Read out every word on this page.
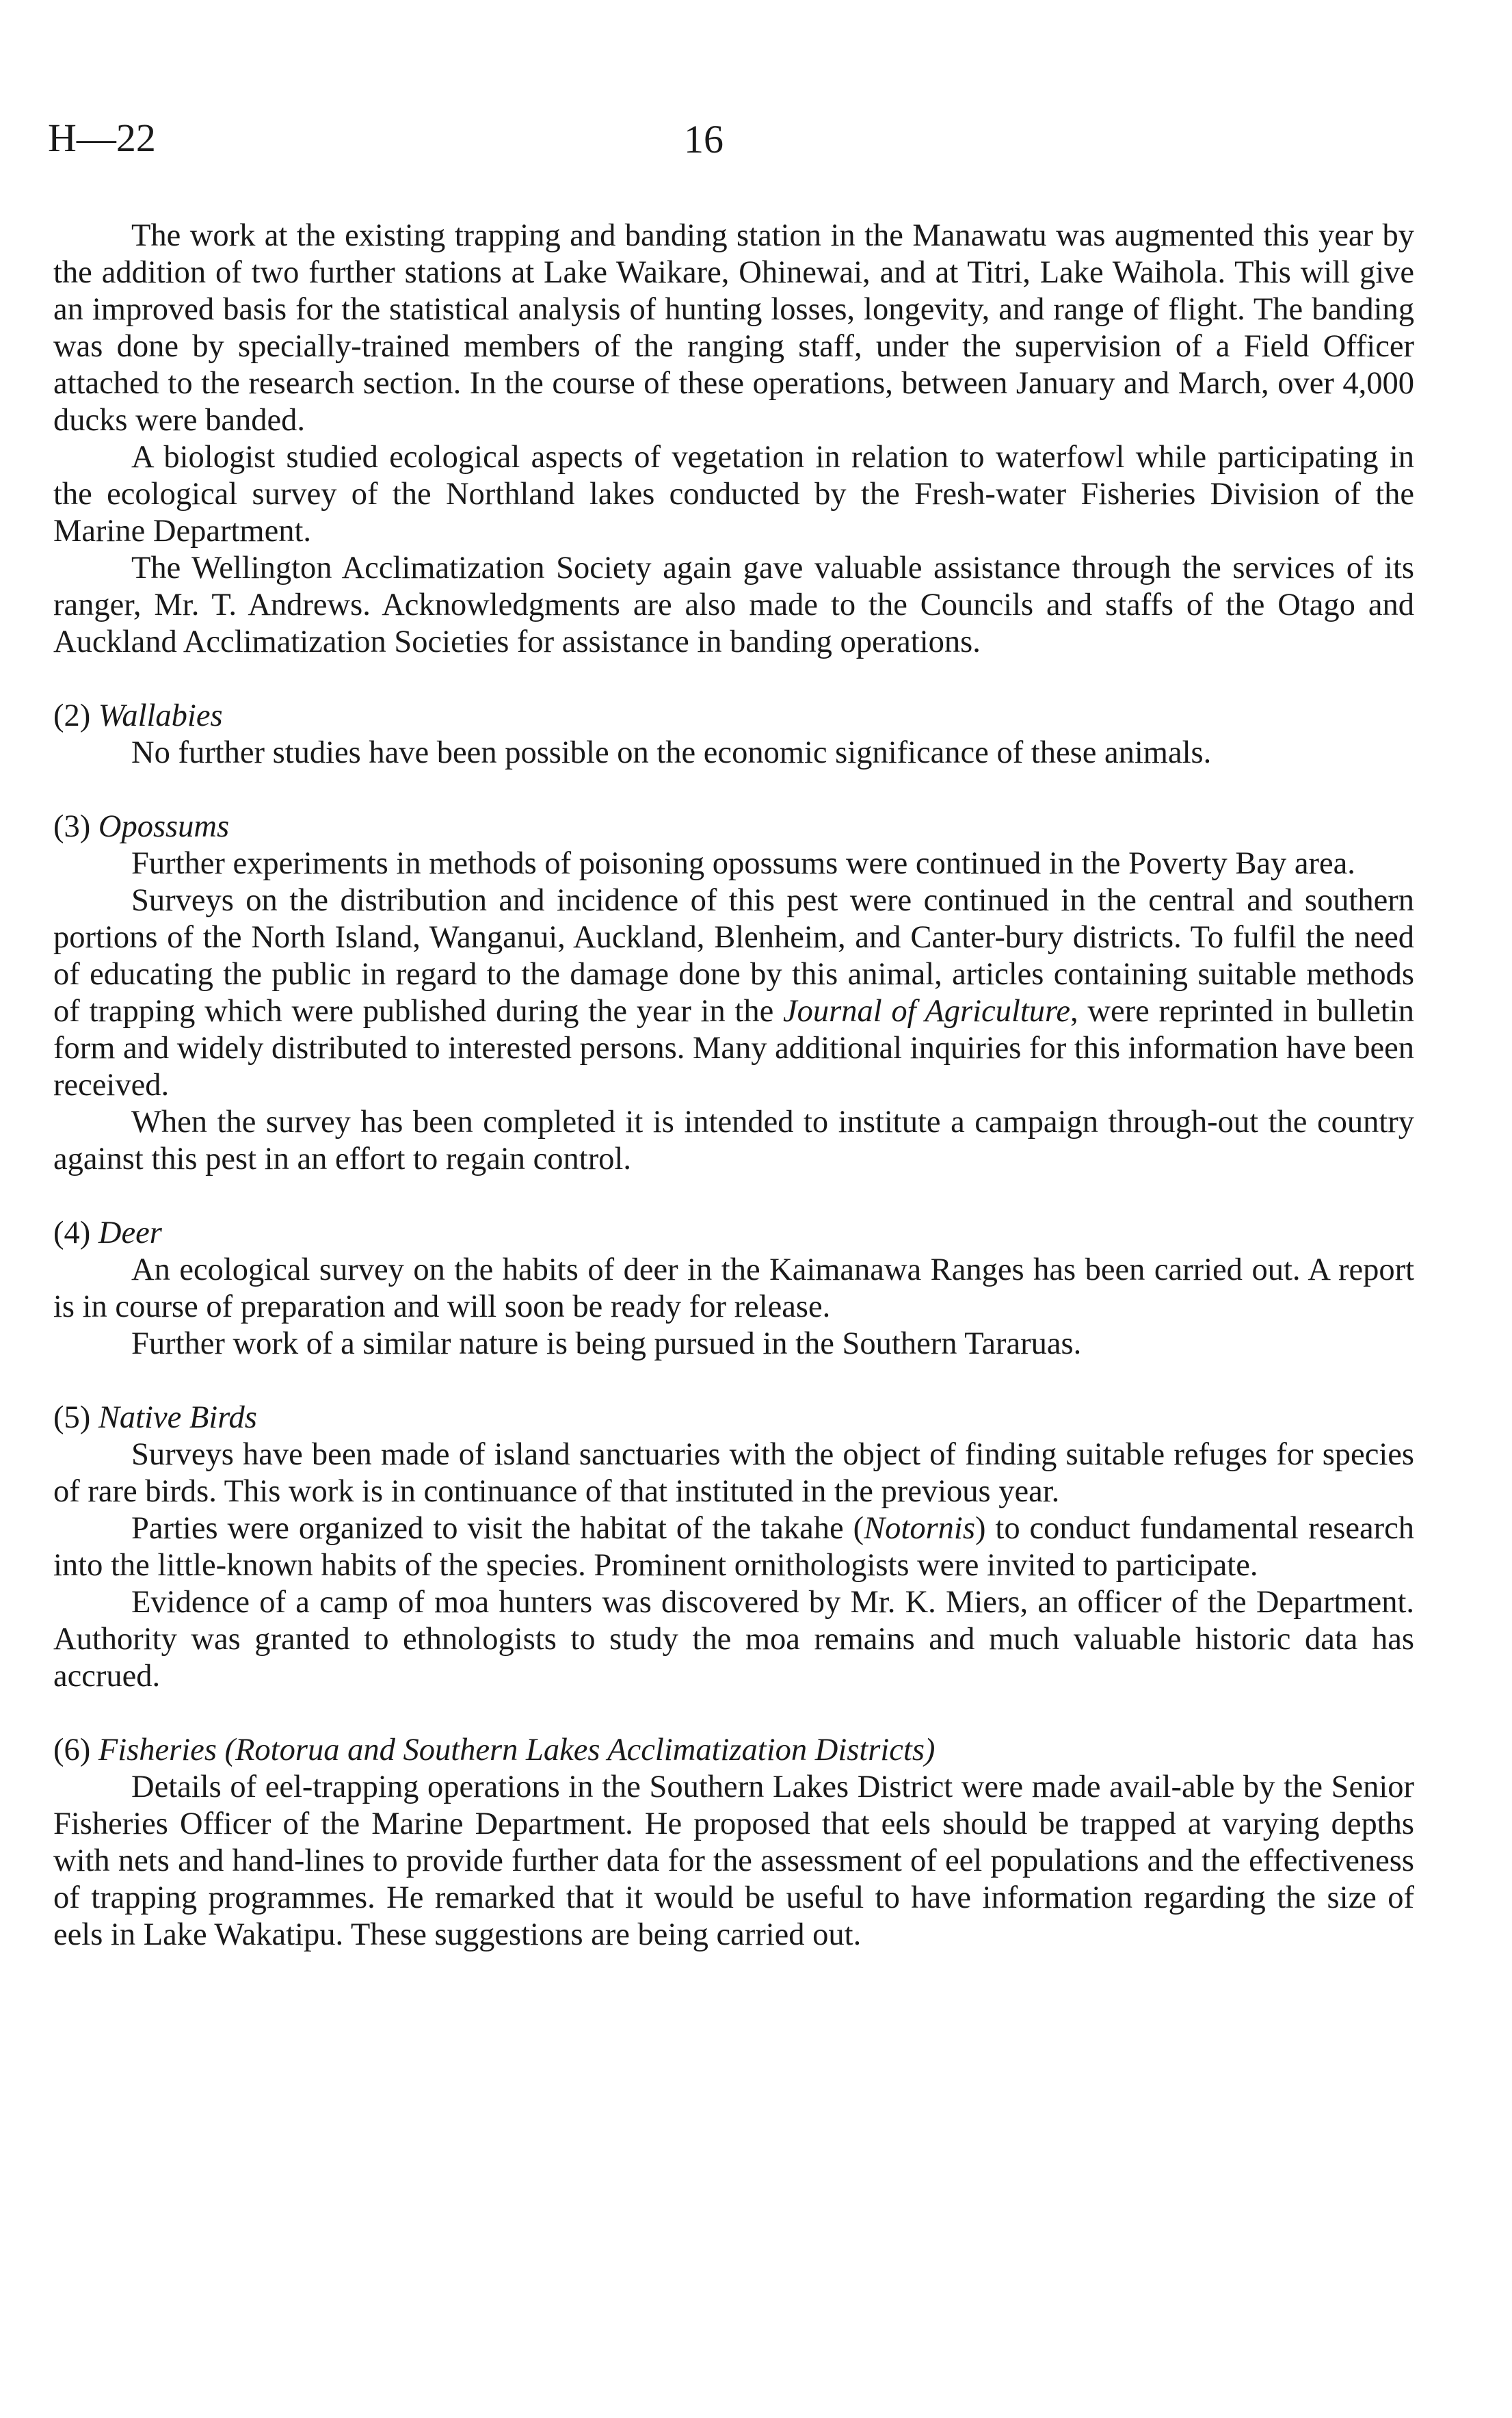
H—22	16

The work at the existing trapping and banding station in the Manawatu was augmented this year by the addition of two further stations at Lake Waikare, Ohinewai, and at Titri, Lake Waihola. This will give an improved basis for the statistical analysis of hunting losses, longevity, and range of flight. The banding was done by specially-trained members of the ranging staff, under the supervision of a Field Officer attached to the research section. In the course of these operations, between January and March, over 4,000 ducks were banded.

A biologist studied ecological aspects of vegetation in relation to waterfowl while participating in the ecological survey of the Northland lakes conducted by the Fresh-water Fisheries Division of the Marine Department.

The Wellington Acclimatization Society again gave valuable assistance through the services of its ranger, Mr. T. Andrews. Acknowledgments are also made to the Councils and staffs of the Otago and Auckland Acclimatization Societies for assistance in banding operations.

(2) Wallabies

No further studies have been possible on the economic significance of these animals.

(3) Opossums

Further experiments in methods of poisoning opossums were continued in the Poverty Bay area.

Surveys on the distribution and incidence of this pest were continued in the central and southern portions of the North Island, Wanganui, Auckland, Blenheim, and Canter-bury districts. To fulfil the need of educating the public in regard to the damage done by this animal, articles containing suitable methods of trapping which were published during the year in the Journal of Agriculture, were reprinted in bulletin form and widely distributed to interested persons. Many additional inquiries for this information have been received.

When the survey has been completed it is intended to institute a campaign through-out the country against this pest in an effort to regain control.

(4) Deer

An ecological survey on the habits of deer in the Kaimanawa Ranges has been carried out. A report is in course of preparation and will soon be ready for release.

Further work of a similar nature is being pursued in the Southern Tararuas.

(5) Native Birds

Surveys have been made of island sanctuaries with the object of finding suitable refuges for species of rare birds. This work is in continuance of that instituted in the previous year.

Parties were organized to visit the habitat of the takahe (Notornis) to conduct fundamental research into the little-known habits of the species. Prominent ornithologists were invited to participate.

Evidence of a camp of moa hunters was discovered by Mr. K. Miers, an officer of the Department. Authority was granted to ethnologists to study the moa remains and much valuable historic data has accrued.

(6) Fisheries (Rotorua and Southern Lakes Acclimatization Districts)

Details of eel-trapping operations in the Southern Lakes District were made avail-able by the Senior Fisheries Officer of the Marine Department. He proposed that eels should be trapped at varying depths with nets and hand-lines to provide further data for the assessment of eel populations and the effectiveness of trapping programmes. He remarked that it would be useful to have information regarding the size of eels in Lake Wakatipu. These suggestions are being carried out.
